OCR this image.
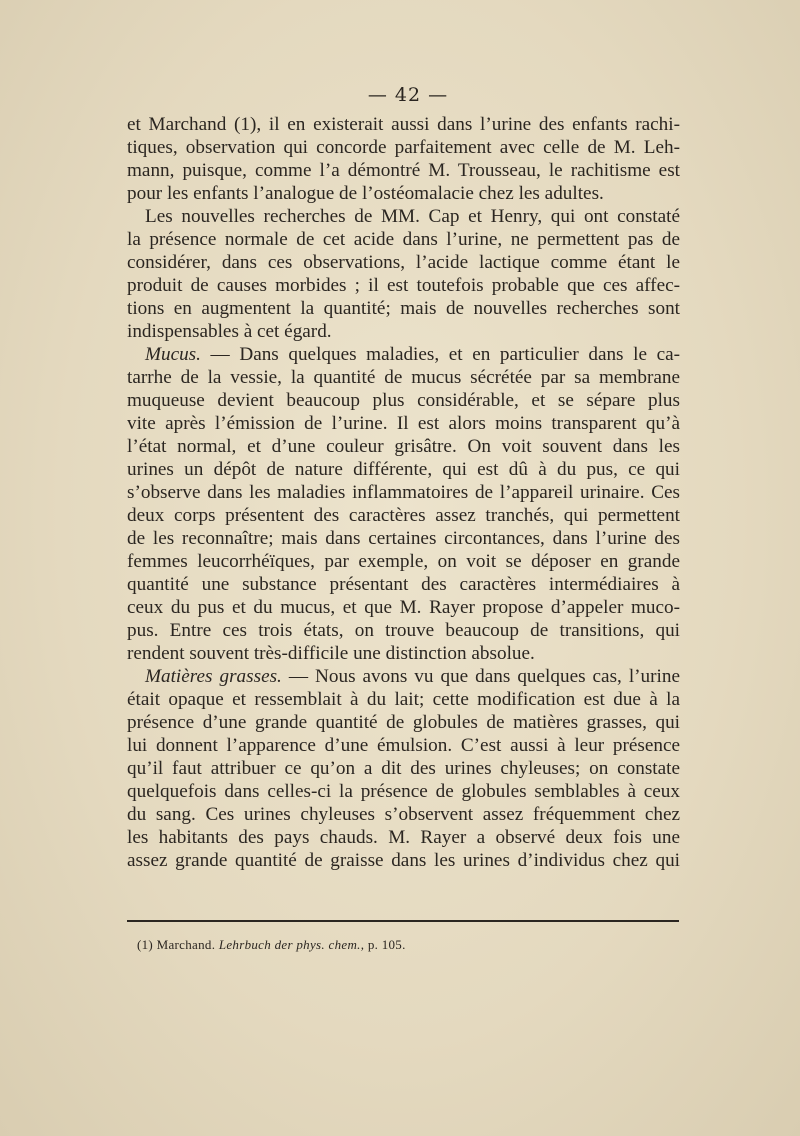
— 42 —
et Marchand (1), il en existerait aussi dans l’urine des enfants rachi-
tiques, observation qui concorde parfaitement avec celle de M. Leh-
mann, puisque, comme l’a démontré M. Trousseau, le rachitisme est
pour les enfants l’analogue de l’ostéomalacie chez les adultes.
Les nouvelles recherches de MM. Cap et Henry, qui ont constaté
la présence normale de cet acide dans l’urine, ne permettent pas de
considérer, dans ces observations, l’acide lactique comme étant le
produit de causes morbides ; il est toutefois probable que ces affec-
tions en augmentent la quantité; mais de nouvelles recherches sont
indispensables à cet égard.
Mucus. — Dans quelques maladies, et en particulier dans le ca-
tarrhe de la vessie, la quantité de mucus sécrétée par sa membrane
muqueuse devient beaucoup plus considérable, et se sépare plus
vite après l’émission de l’urine. Il est alors moins transparent qu’à
l’état normal, et d’une couleur grisâtre. On voit souvent dans les
urines un dépôt de nature différente, qui est dû à du pus, ce qui
s’observe dans les maladies inflammatoires de l’appareil urinaire. Ces
deux corps présentent des caractères assez tranchés, qui permettent
de les reconnaître; mais dans certaines circontances, dans l’urine des
femmes leucorrhéïques, par exemple, on voit se déposer en grande
quantité une substance présentant des caractères intermédiaires à
ceux du pus et du mucus, et que M. Rayer propose d’appeler muco-
pus. Entre ces trois états, on trouve beaucoup de transitions, qui
rendent souvent très-difficile une distinction absolue.
Matières grasses. — Nous avons vu que dans quelques cas, l’urine
était opaque et ressemblait à du lait; cette modification est due à la
présence d’une grande quantité de globules de matières grasses, qui
lui donnent l’apparence d’une émulsion. C’est aussi à leur présence
qu’il faut attribuer ce qu’on a dit des urines chyleuses; on constate
quelquefois dans celles-ci la présence de globules semblables à ceux
du sang. Ces urines chyleuses s’observent assez fréquemment chez
les habitants des pays chauds. M. Rayer a observé deux fois une
assez grande quantité de graisse dans les urines d’individus chez qui
(1) Marchand. Lehrbuch der phys. chem., p. 105.
